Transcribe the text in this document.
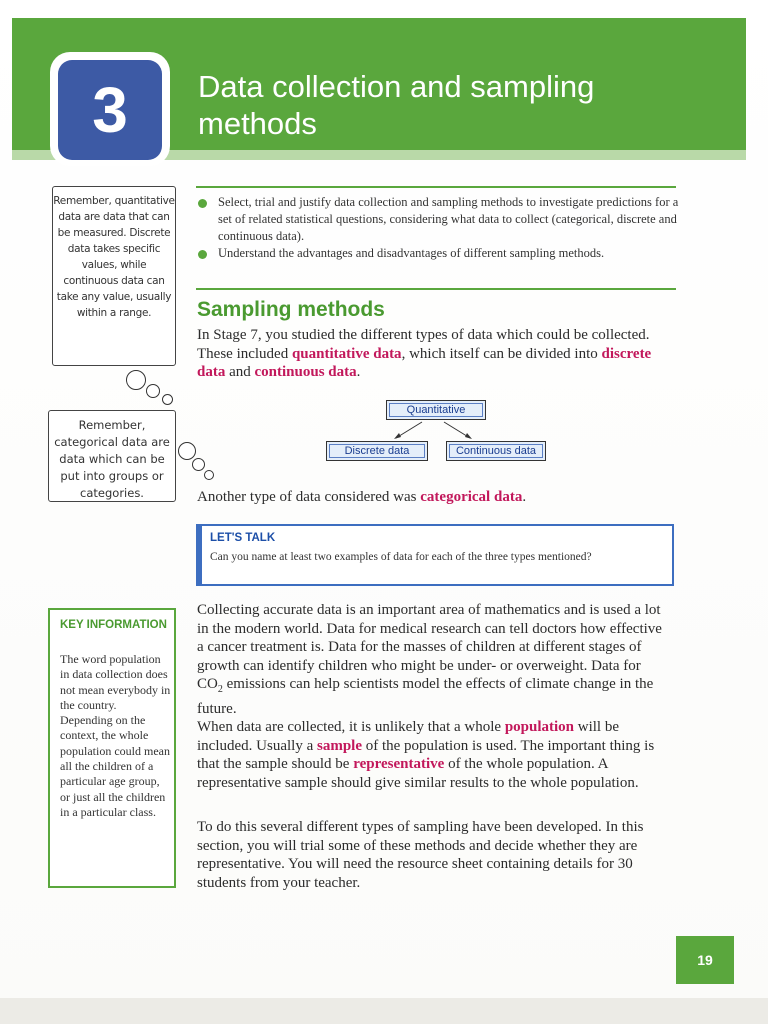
3	Data collection and sampling methods
Select, trial and justify data collection and sampling methods to investigate predictions for a set of related statistical questions, considering what data to collect (categorical, discrete and continuous data).
Understand the advantages and disadvantages of different sampling methods.
Sampling methods

In Stage 7, you studied the different types of data which could be collected. These included quantitative data, which itself can be divided into discrete data and continuous data.

Quantitative
Discrete data	Continuous data

Another type of data considered was categorical data.

LET'S TALK
Can you name at least two examples of data for each of the three types mentioned?

Collecting accurate data is an important area of mathematics and is used a lot in the modern world. Data for medical research can tell doctors how effective a cancer treatment is. Data for the masses of children at different stages of growth can identify children who might be under- or overweight. Data for $CO_2$ emissions can help scientists model the effects of climate change in the future.

When data are collected, it is unlikely that a whole population will be included. Usually a sample of the population is used. The important thing is that the sample should be representative of the whole population. A representative sample should give similar results to the whole population.

To do this several different types of sampling have been developed. In this section, you will trial some of these methods and decide whether they are representative. You will need the resource sheet containing details for 30 students from your teacher.

Remember, quantitative data are data that can be measured. Discrete data takes specific values, while continuous data can take any value, usually within a range.
Remember, categorical data are data which can be put into groups or categories.
KEY INFORMATION
The word population in data collection does not mean everybody in the country. Depending on the context, the whole population could mean all the children of a particular age group, or just all the children in a particular class.
19
